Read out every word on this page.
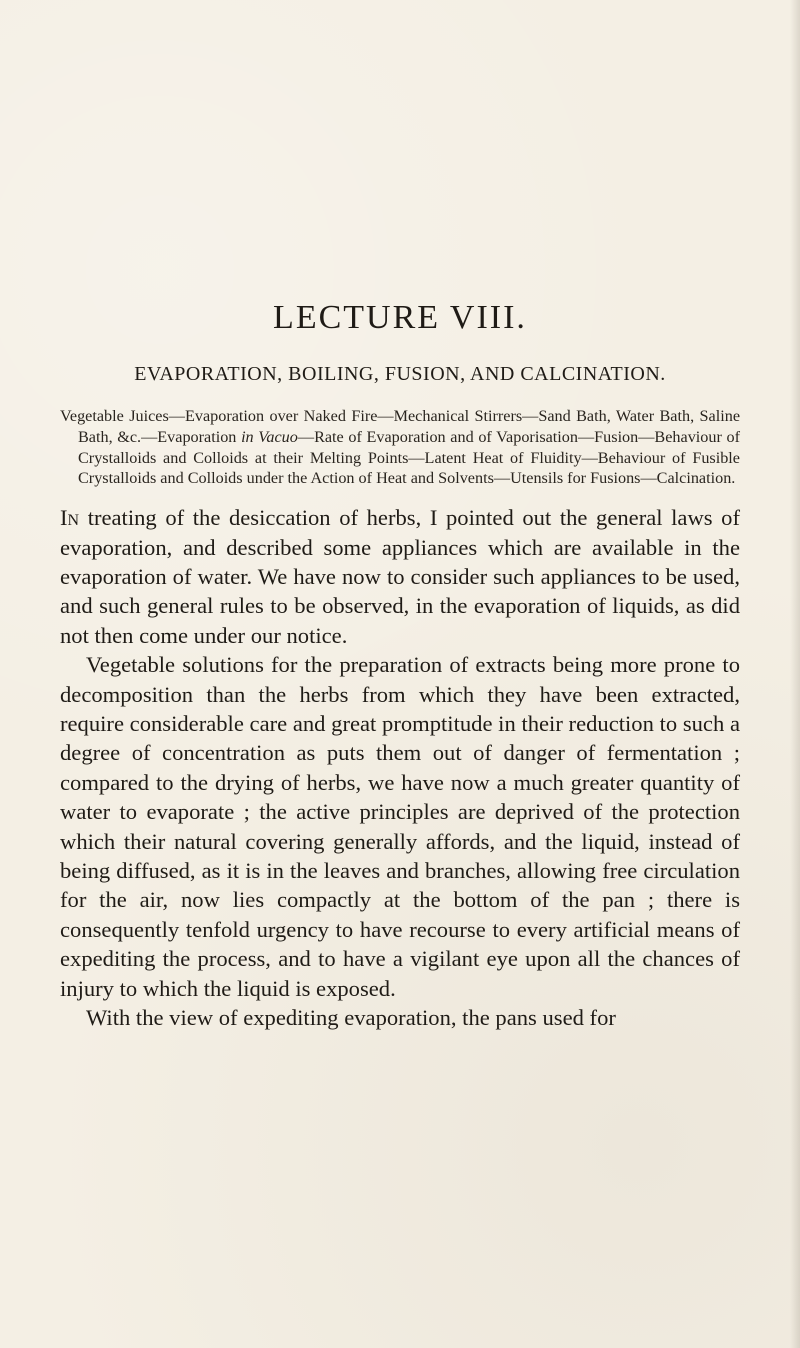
LECTURE VIII.
EVAPORATION, BOILING, FUSION, AND CALCINATION.

Vegetable Juices—Evaporation over Naked Fire—Mechanical Stirrers—Sand Bath, Water Bath, Saline Bath, &c.—Evaporation in Vacuo—Rate of Evaporation and of Vaporisation—Fusion—Behaviour of Crystalloids and Colloids at their Melting Points—Latent Heat of Fluidity—Behaviour of Fusible Crystalloids and Colloids under the Action of Heat and Solvents—Utensils for Fusions—Calcination.

In treating of the desiccation of herbs, I pointed out the general laws of evaporation, and described some appliances which are available in the evaporation of water. We have now to consider such appliances to be used, and such general rules to be observed, in the evaporation of liquids, as did not then come under our notice.

Vegetable solutions for the preparation of extracts being more prone to decomposition than the herbs from which they have been extracted, require considerable care and great promptitude in their reduction to such a degree of concentration as puts them out of danger of fermentation ; compared to the drying of herbs, we have now a much greater quantity of water to evaporate ; the active principles are deprived of the protection which their natural covering generally affords, and the liquid, instead of being diffused, as it is in the leaves and branches, allowing free circulation for the air, now lies compactly at the bottom of the pan ; there is consequently tenfold urgency to have recourse to every artificial means of expediting the process, and to have a vigilant eye upon all the chances of injury to which the liquid is exposed.

With the view of expediting evaporation, the pans used for
